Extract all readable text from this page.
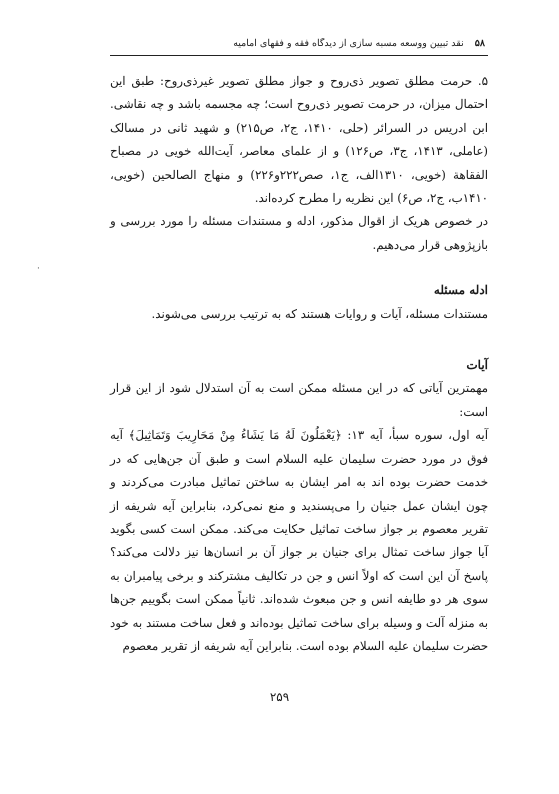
۵۸ نقد تبیین ووسعه مسبه سازی از دیدگاه فقه و فقهای امامیه
·

۵. حرمت مطلق تصویر ذی‌روح و جواز مطلق تصویر غیرذی‌روح: طبق این احتمال میزان، در حرمت تصویر ذی‌روح است؛ چه مجسمه باشد و چه نقاشی. ابن ادریس در السرائر (حلی، ۱۴۱۰، ج۲، ص۲۱۵) و شهید ثانی در مسالک (عاملی، ۱۴۱۳، ج۳، ص۱۲۶) و از علمای معاصر، آیت‌الله خویی در مصباح الفقاهة (خویی، ۱۳۱۰الف، ج۱، صص۲۲۲و۲۲۶) و منهاج الصالحین (خویی، ۱۴۱۰ب، ج۲، ص۶) این نظریه را مطرح کرده‌اند.

در خصوص هریک از اقوال مذکور، ادله و مستندات مسئله را مورد بررسی و بازپژوهی قرار می‌دهیم.

ادله مسئله

مستندات مسئله، آیات و روایات هستند که به ترتیب بررسی می‌شوند.

آیات

مهمترین آیاتی که در این مسئله ممکن است به آن استدلال شود از این قرار است:

آیه اول، سوره سبأ، آیه ۱۳: ﴿یَعْمَلُونَ لَهُ مَا یَشَاءُ مِنْ مَحَارِیبَ وَتَمَاثِیلَ﴾ آیه فوق در مورد حضرت سلیمان علیه السلام است و طبق آن جن‌هایی که در خدمت حضرت بوده اند به امر ایشان به ساختن تماثیل مبادرت می‌کردند و چون ایشان عمل جنیان را می‌پسندید و منع نمی‌کرد، بنابراین آیه شریفه از تقریر معصوم بر جواز ساخت تماثیل حکایت می‌کند. ممکن است کسی بگوید آیا جواز ساخت تمثال برای جنیان بر جواز آن بر انسان‌ها نیز دلالت می‌کند؟ پاسخ آن این است که اولاً انس و جن در تکالیف مشترکند و برخی پیامبران به سوی هر دو طایفه انس و جن مبعوث شده‌اند. ثانیاً ممکن است بگوییم جن‌ها به منزله آلت و وسیله برای ساخت تماثیل بوده‌اند و فعل ساخت مستند به خود حضرت سلیمان علیه السلام بوده است. بنابراین آیه شریفه از تقریر معصوم

۲۵۹
